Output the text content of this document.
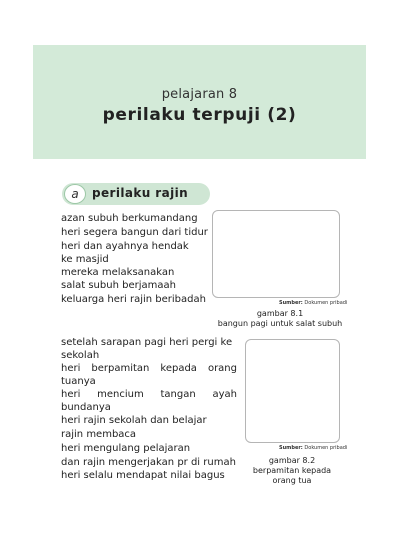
pelajaran 8
perilaku terpuji (2)
a	perilaku rajin
azan subuh berkumandang
heri segera bangun dari tidur
heri dan ayahnya hendak ke masjid
mereka melaksanakan salat subuh berjamaah
keluarga heri rajin beribadah	Sumber: Dokumen pribadi
gambar 8.1
bangun pagi untuk salat subuh
setelah sarapan pagi heri pergi ke sekolah
heri berpamitan kepada orang tuanya
heri mencium tangan ayah bundanya
heri rajin sekolah dan belajar
rajin membaca
heri mengulang pelajaran
dan rajin mengerjakan pr di rumah
heri selalu mendapat nilai bagus
Sumber: Dokumen pribadi
gambar 8.2
berpamitan kepada
orang tua
